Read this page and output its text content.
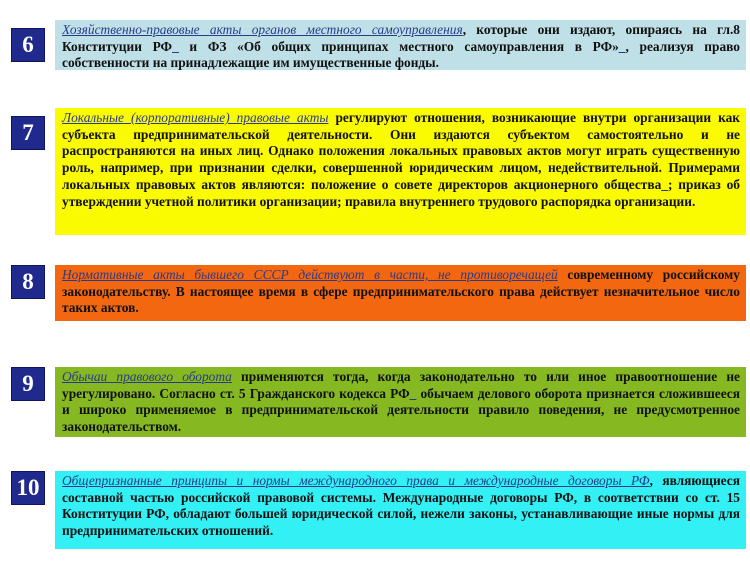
6
Хозяйственно-правовые акты органов местного самоуправления, которые они издают, опираясь на гл.8 Конституции РФ_ и ФЗ «Об общих принципах местного самоуправления в РФ»_, реализуя право собственности на принадлежащие им имущественные фонды.
7
Локальные (корпоративные) правовые акты регулируют отношения, возникающие внутри организации как субъекта предпринимательской деятельности. Они издаются субъектом самостоятельно и не распространяются на иных лиц. Однако положения локальных правовых актов могут играть существенную роль, например, при признании сделки, совершенной юридическим лицом, недействительной. Примерами локальных правовых актов являются: положение о совете директоров акционерного общества_; приказ об утверждении учетной политики организации; правила внутреннего трудового распорядка организации.
8	Нормативные акты бывшего СССР действуют в части, не противоречащей современному российскому законодательству. В настоящее время в сфере предпринимательского права действует незначительное число таких актов.
9	Обычаи правового оборота применяются тогда, когда законодательно то или иное правоотношение не урегулировано. Согласно ст. 5 Гражданского кодекса РФ_ обычаем делового оборота признается сложившееся и широко применяемое в предпринимательской деятельности правило поведения, не предусмотренное законодательством.
10	Общепризнанные принципы и нормы международного права и международные договоры РФ, являющиеся составной частью российской правовой системы. Международные договоры РФ, в соответствии со ст. 15 Конституции РФ, обладают большей юридической силой, нежели законы, устанавливающие иные нормы для предпринимательских отношений.
